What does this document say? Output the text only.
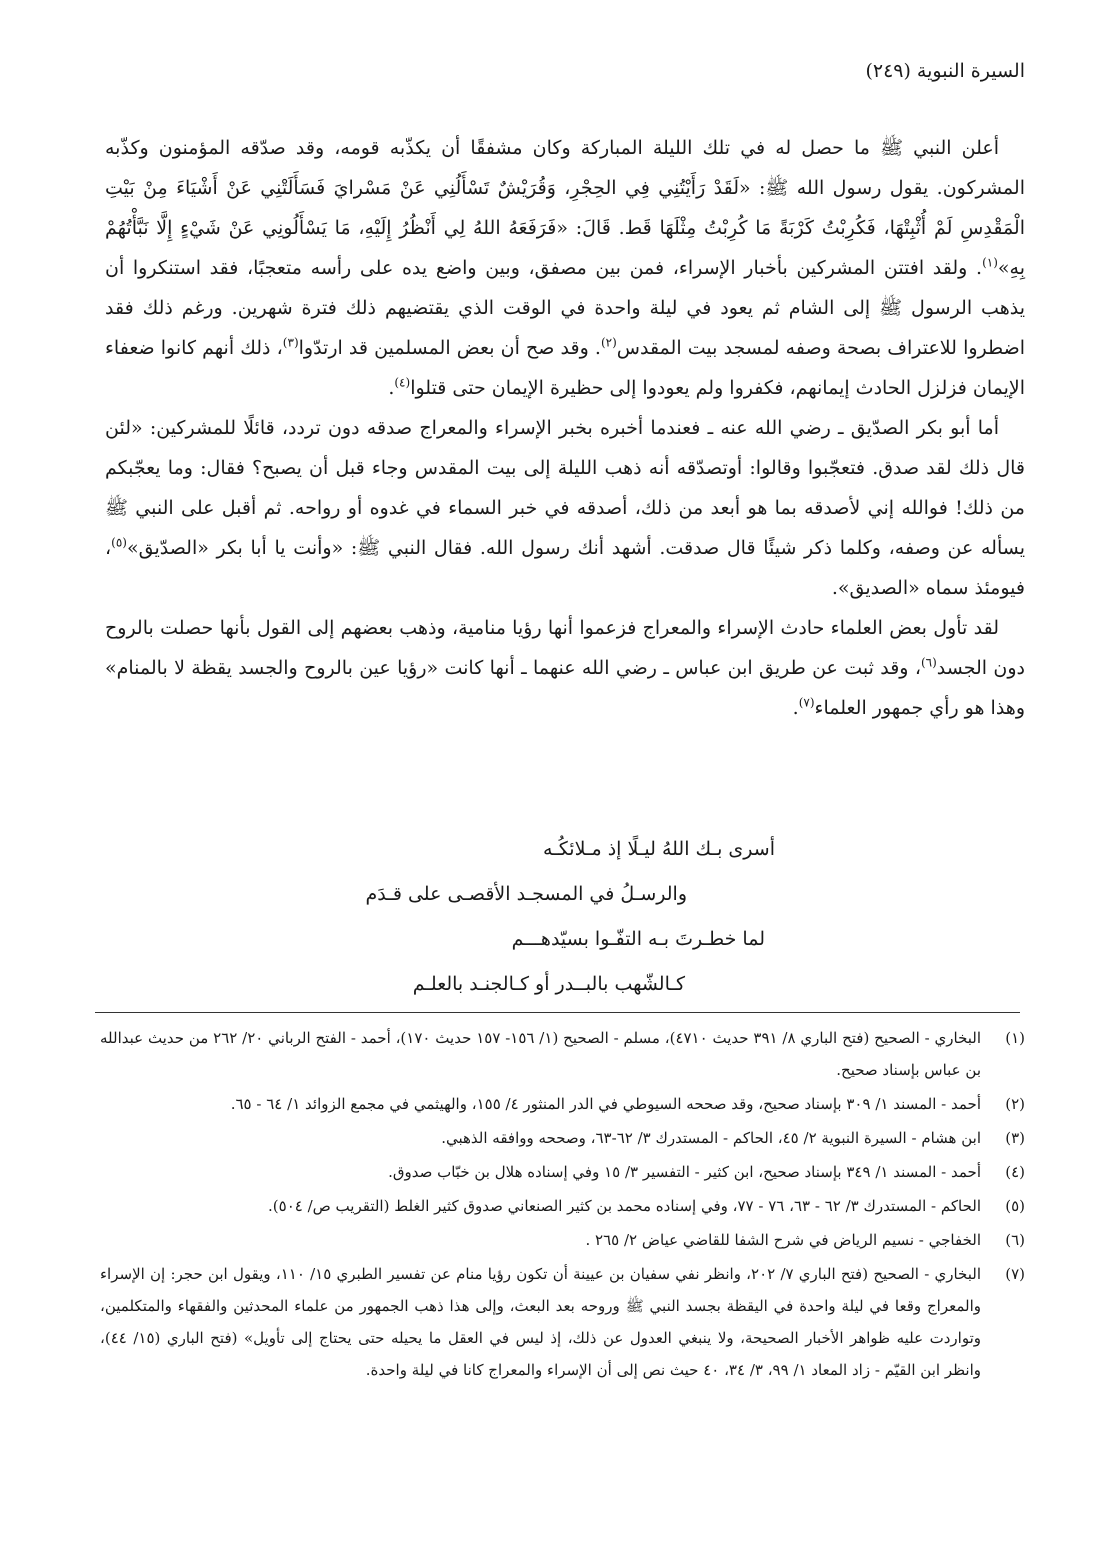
السيرة النبوية (٢٤٩)

أعلن النبي ﷺ ما حصل له في تلك الليلة المباركة وكان مشفقًا أن يكذّبه قومه، وقد صدّقه المؤمنون وكذّبه المشركون. يقول رسول الله ﷺ: «لَقَدْ رَأَيْتُنِي فِي الحِجْرِ، وَقُرَيْشٌ تَسْأَلُنِي عَنْ مَسْرايَ فَسَأَلَتْنِي عَنْ أَشْيَاءَ مِنْ بَيْتِ الْمَقْدِسِ لَمْ أُثْبِتْهَا، فَكُرِبْتُ كَرْبَةً مَا كُرِبْتُ مِثْلَهَا قَط. قَالَ: «فَرَفَعَهُ اللهُ لِي أَنْظُرُ إِلَيْهِ، مَا يَسْأَلُونِي عَنْ شَيْءٍ إِلَّا نَبَّأْتُهُمْ بِهِ»$^{(١)}$. ولقد افتتن المشركين بأخبار الإسراء، فمن بين مصفق، وبين واضع يده على رأسه متعجبًا، فقد استنكروا أن يذهب الرسول ﷺ إلى الشام ثم يعود في ليلة واحدة في الوقت الذي يقتضيهم ذلك فترة شهرين. ورغم ذلك فقد اضطروا للاعتراف بصحة وصفه لمسجد بيت المقدس$^{(٢)}$. وقد صح أن بعض المسلمين قد ارتدّوا$^{(٣)}$، ذلك أنهم كانوا ضعفاء الإيمان فزلزل الحادث إيمانهم، فكفروا ولم يعودوا إلى حظيرة الإيمان حتى قتلوا$^{(٤)}$.

أما أبو بكر الصدّيق ـ رضي الله عنه ـ فعندما أخبره بخبر الإسراء والمعراج صدقه دون تردد، قائلًا للمشركين: «لئن قال ذلك لقد صدق. فتعجّبوا وقالوا: أوتصدّقه أنه ذهب الليلة إلى بيت المقدس وجاء قبل أن يصبح؟ فقال: وما يعجّبكم من ذلك! فوالله إني لأصدقه بما هو أبعد من ذلك، أصدقه في خبر السماء في غدوه أو رواحه. ثم أقبل على النبي ﷺ يسأله عن وصفه، وكلما ذكر شيئًا قال صدقت. أشهد أنك رسول الله. فقال النبي ﷺ: «وأنت يا أبا بكر «الصدّيق»$^{(٥)}$، فيومئذ سماه «الصديق».

لقد تأول بعض العلماء حادث الإسراء والمعراج فزعموا أنها رؤيا منامية، وذهب بعضهم إلى القول بأنها حصلت بالروح دون الجسد$^{(٦)}$، وقد ثبت عن طريق ابن عباس ـ رضي الله عنهما ـ أنها كانت «رؤيا عين بالروح والجسد يقظة لا بالمنام» وهذا هو رأي جمهور العلماء$^{(٧)}$.

أسرى بـك اللهُ ليـلًا إذ مـلائكُـه

والرسـلُ في المسجـد الأقصـى على قـدَم

لما خطـرتَ بـه التفّـوا بسيّدهـــم

كـالشّهب بالبــدر أو كـالجنـد بالعلـم

(١)
البخاري - الصحيح (فتح الباري ٨/ ٣٩١ حديث ٤٧١٠)، مسلم - الصحيح (١/ ١٥٦- ١٥٧ حديث ١٧٠)، أحمد - الفتح الرباني ٢٠/ ٢٦٢ من حديث عبدالله بن عباس بإسناد صحيح.
(٢)
أحمد - المسند ١/ ٣٠٩ بإسناد صحيح، وقد صححه السيوطي في الدر المنثور ٤/ ١٥٥، والهيثمي في مجمع الزوائد ١/ ٦٤ - ٦٥.
(٣)
ابن هشام - السيرة النبوية ٢/ ٤٥، الحاكم - المستدرك ٣/ ٦٢-٦٣، وصححه ووافقه الذهبي.
(٤)
أحمد - المسند ١/ ٣٤٩ بإسناد صحيح، ابن كثير - التفسير ٣/ ١٥ وفي إسناده هلال بن خبّاب صدوق.
(٥)
الحاكم - المستدرك ٣/ ٦٢ - ٦٣، ٧٦ - ٧٧، وفي إسناده محمد بن كثير الصنعاني صدوق كثير الغلط (التقريب ص/ ٥٠٤).
(٦)
الخفاجي - نسيم الرياض في شرح الشفا للقاضي عياض ٢/ ٢٦٥ .
(٧)
البخاري - الصحيح (فتح الباري ٧/ ٢٠٢، وانظر نفي سفيان بن عيينة أن تكون رؤيا منام عن تفسير الطبري ١٥/ ١١٠، ويقول ابن حجر: إن الإسراء والمعراج وقعا في ليلة واحدة في اليقظة بجسد النبي ﷺ وروحه بعد البعث، وإلى هذا ذهب الجمهور من علماء المحدثين والفقهاء والمتكلمين، وتواردت عليه ظواهر الأخبار الصحيحة، ولا ينبغي العدول عن ذلك، إذ ليس في العقل ما يحيله حتى يحتاج إلى تأويل» (فتح الباري (١٥/ ٤٤)، وانظر ابن القيّم - زاد المعاد ١/ ٩٩، ٣/ ٣٤، ٤٠ حيث نص إلى أن الإسراء والمعراج كانا في ليلة واحدة.
